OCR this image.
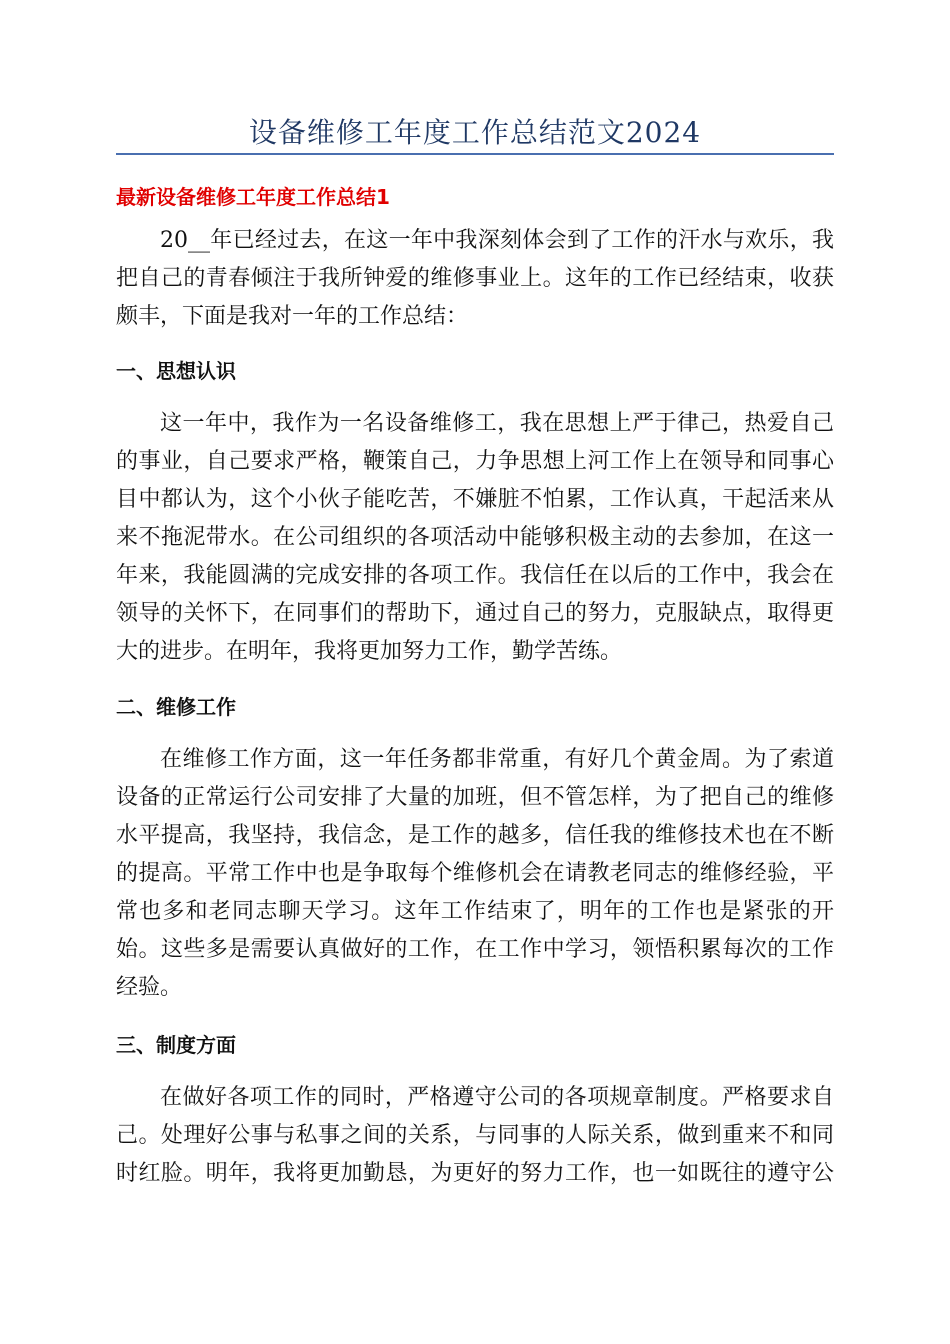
设备维修工年度工作总结范文2024
最新设备维修工年度工作总结1
20__年已经过去，在这一年中我深刻体会到了工作的汗水与欢乐，我
把自己的青春倾注于我所钟爱的维修事业上。这年的工作已经结束，收获
颇丰，下面是我对一年的工作总结：
一、思想认识
这一年中，我作为一名设备维修工，我在思想上严于律己，热爱自己
的事业，自己要求严格，鞭策自己，力争思想上河工作上在领导和同事心
目中都认为，这个小伙子能吃苦，不嫌脏不怕累，工作认真，干起活来从
来不拖泥带水。在公司组织的各项活动中能够积极主动的去参加，在这一
年来，我能圆满的完成安排的各项工作。我信任在以后的工作中，我会在
领导的关怀下，在同事们的帮助下，通过自己的努力，克服缺点，取得更
大的进步。在明年，我将更加努力工作，勤学苦练。
二、维修工作
在维修工作方面，这一年任务都非常重，有好几个黄金周。为了索道
设备的正常运行公司安排了大量的加班，但不管怎样，为了把自己的维修
水平提高，我坚持，我信念，是工作的越多，信任我的维修技术也在不断
的提高。平常工作中也是争取每个维修机会在请教老同志的维修经验，平
常也多和老同志聊天学习。这年工作结束了，明年的工作也是紧张的开
始。这些多是需要认真做好的工作，在工作中学习，领悟积累每次的工作
经验。
三、制度方面
在做好各项工作的同时，严格遵守公司的各项规章制度。严格要求自
己。处理好公事与私事之间的关系，与同事的人际关系，做到重来不和同
时红脸。明年，我将更加勤恳，为更好的努力工作，也一如既往的遵守公
